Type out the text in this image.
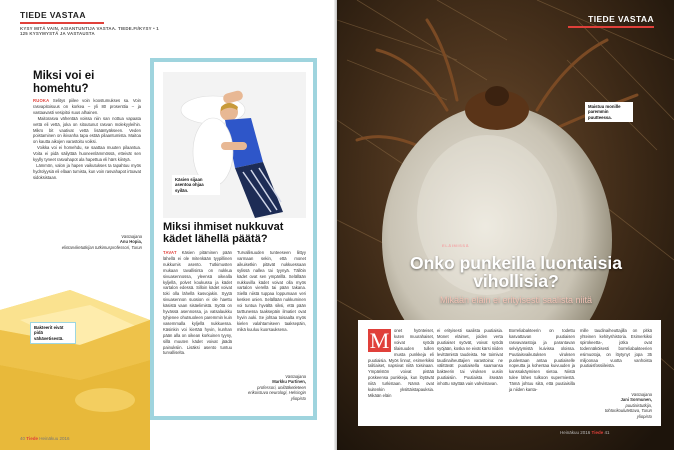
TIEDE VASTAA
KYSY MITÄ VAIN, ASIANTUNTIJA VASTAA. TIEDE.FI/KYSY • 1 125 KYSYMYSTÄ JA VASTAUSTA
Miksi voi ei homehtu?

RUOKA Selitys piilee voin koostumukses sa. Voin rasvapitoisuus on korkea – yli 80 prosenttia – ja vastaavasti vesipitoi suus alhainen.

Maitorasva vähentää voissa niin san nottua vapaata vettä eli vettä, joka on sitoutunut rasvan molekyyleihin. Mikro bit vaativat vettä lisääntyäkseen. Veden poistaminen on ikivanha tapa estää pilaantumista. Maitoa on kautta aikojen varastoitu voiksi.

Voikka voi ei homehdu, se saattaa muuten pilaantua. Voita ei pidä säilyttää huoneenlämmössä, etteivät sen kyylly tyneet rasvahapot ala hapettua eli härs kiintyä.

Lämmön, valon ja hapen vaikutukses ta tapahtuu myös hydrolyysiä eli ellaan tumista, kun voin rasvahapot irtoavat sidoksistaan.

Vastaajana
Anu Hopia,
elintarviketutkijan tutkimusprofessori, Turun
Bakteerit eivät pidä vähävetisestä.
Käsien sijaan asentoa ohjaa syilän.
Miksi ihmiset nukkuvat kädet lähellä päätä?
TAVAT Käsien pitäminen pään lähellä ei ole mitenkään tyypillinen nukkumis asento. Tutkimusten mukaan tavallisinta on nukkua sivuasennossa, yleensä oikealla kyljellä, polvet koukussa ja kädet vartalon edessä. Silloin kädet voivat toki olla lähellä kasvojakin. Syytä sivuasennon suosion ei ole haettu käsistä vaan sisäelimistä. Syötä on hyvässä asennossa, ja vatsalaukku tyhjenee ohutsuoleen paremmin kuin vasemmalla kyljellä nukkuessa. Käsinkin voi kiertää hyvin, kunhan pään alla on oikean korkuinen tyyny, sillä muuten kädet voivat jäädä painuksiin. Lisäksi asento tuntuu turvalliselta.
Turvallisuuden tunteeseen liittyy varmaan sekin, että monet aikuisetkin pitävät nukkuessaan sylissä nallea tai tyynyä. Tällöin kädet ovat sen ympärillä. Selällään nukkuvilla kädet voivat olla myös vartalon vierellä tai pään takana. Siellä niistä tuppaa loppumaan veri kesken unien. Selällään nukkuminen voi tuntua hyvältä siksi, että pään tarttunessa taaksepäin ilmatiet ovat hyvin auki. Se johtaa toisaalta myös kielen valahtamiseen taaksepäin, mikä kuuluu kuorsauksena.
Vastaajana
Markku Partinen,
professori, unilääketieteen erikoistuva neurologi, Helsingin yliopisto
40 Tiede Heinäkuu 2016
TIEDE VASTAA
Maistuu monille paremmin puutteessa.
ELÄIMISSÄ
Onko punkeilla luontaisia vihollisia?
Mikään eläin ei erityisesti saalista niitä
M	onet hyönteiset, kuten muurahaiset, voivat syödä tilaisuuden tullen musta punkkeja eli puutiaisia. Myös linnut, esimerkiksi talitiaiset, napsivat niitä toisinaan. Ympäristön voivat pistää poskeensa punkkeja, kun löytävät niitä turkistaan. Nämä ovat kuitenkin yksittäistapauksia. Mikään eläin
ei erityisesti saalista puutiaisia. Monet eläimet, joiden verta puutiaiset syövät, voivat syödä syöjään, koska ne eivät kärsi niiden levittämistä taudeista. Ne toimivat taudinaiheuttajien varastoina: ne välittävät puutiaisella saamansa bakteerin tai viruksen uusiin puutiaisiin. Puutiaista itseään inhottu näyttää vain vahvistavan.
Borreliabakteerin on todettu kasvattavan puutiaisen rasvavarastoja ja parantavan selviytymistä kuivissa oloissa. Puutiaisvaikutuksen viruksen puolestaan antaa puutiaiselle nopeutta ja kohentaa kuivuuden ja kanssakäymisen sietoa. Niistä tulee lähes tulkoon supermiestä. Tämä johtuu siitä, että puutiaisilla ja niiden kanta-
mille taudinaiheuttajilla on pitkä yhteinen kehityshistoria. Esimerkiksi spirokeetta-, jotka ovat todennäköisesti borreliabakteerien esimuotoja, on löytynyt jopa 35 miljoonaa vuotta vanhoista puutiaisfossiileista.
Vastaajana
Jani Sormunen,
puutiaistutkija, tohtorikoulutettava, Turun yliopisto
Heinäkuu 2016 Tiede 41
